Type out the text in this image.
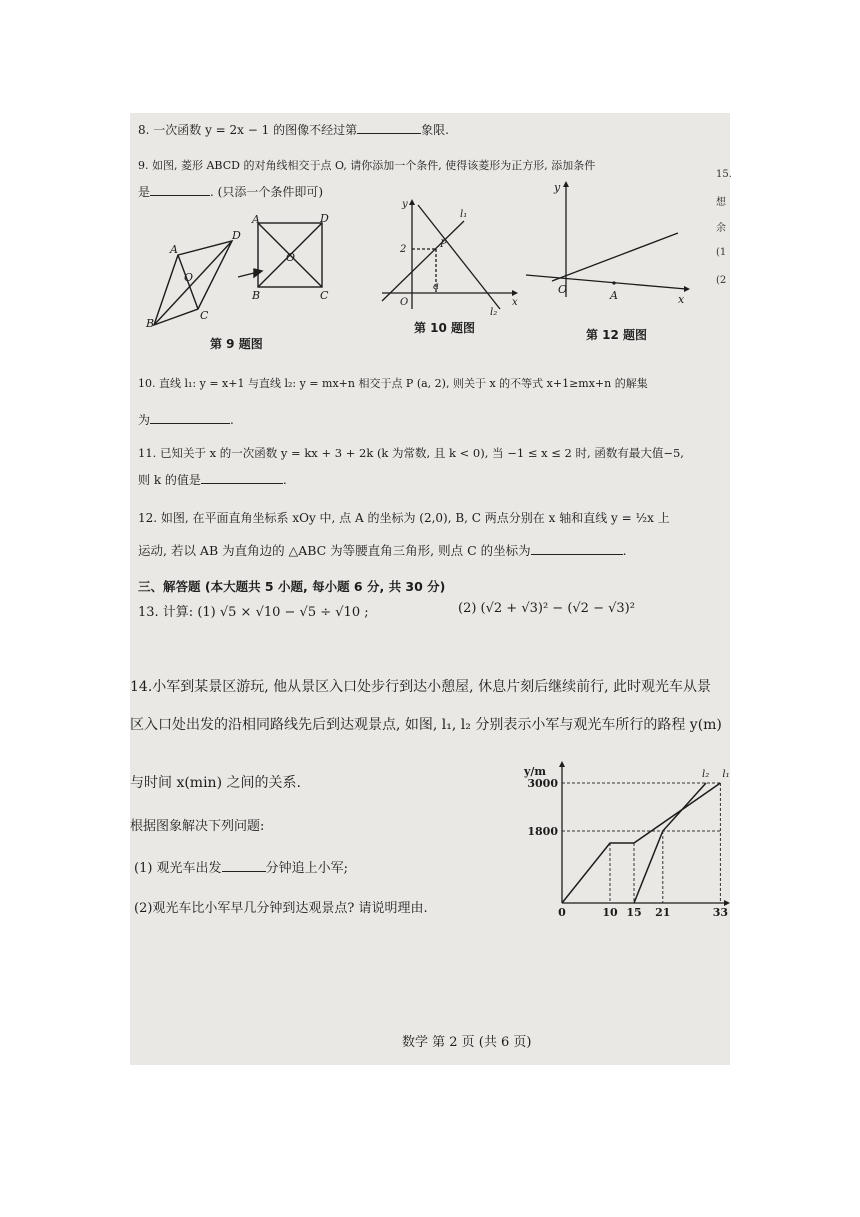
8. 一次函数 y = 2x − 1 的图像不经过第	象限.
9. 如图, 菱形 ABCD 的对角线相交于点 O, 请你添加一个条件, 使得该菱形为正方形, 添加条件
是	. (只添一个条件即可)
A
D
O
B
C
A	D
O
B	C
y
l₁
2	P
O
a
x
l₂
y
O	A	x
第 9 题图
第 10 题图	第 12 题图
10. 直线 l₁: y = x+1 与直线 l₂: y = mx+n 相交于点 P (a, 2), 则关于 x 的不等式 x+1≥mx+n 的解集
为	.
11. 已知关于 x 的一次函数 y = kx + 3 + 2k (k 为常数, 且 k < 0), 当 −1 ≤ x ≤ 2 时, 函数有最大值−5,
则 k 的值是	.
12. 如图, 在平面直角坐标系 xOy 中, 点 A 的坐标为 (2,0), B, C 两点分别在 x 轴和直线 y = ½x 上
运动, 若以 AB 为直角边的 △ABC 为等腰直角三角形, 则点 C 的坐标为	.
三、解答题 (本大题共 5 小题, 每小题 6 分, 共 30 分)
13. 计算: (1) √5 × √10 − √5 ÷ √10 ;	(2) (√2 + √3)² − (√2 − √3)²
14.小军到某景区游玩, 他从景区入口处步行到达小憩屋, 休息片刻后继续前行, 此时观光车从景
区入口处出发的沿相同路线先后到达观景点, 如图, l₁, l₂ 分别表示小军与观光车所行的路程 y(m)
与时间 x(min) 之间的关系.
根据图象解决下列问题:
(1) 观光车出发	分钟追上小军;
(2)观光车比小军早几分钟到达观景点? 请说明理由.
y/m
1800
3000
0	10 15 21	33
l₁
l₂
15.
想
余
(1
(2
数学 第 2 页 (共 6 页)
